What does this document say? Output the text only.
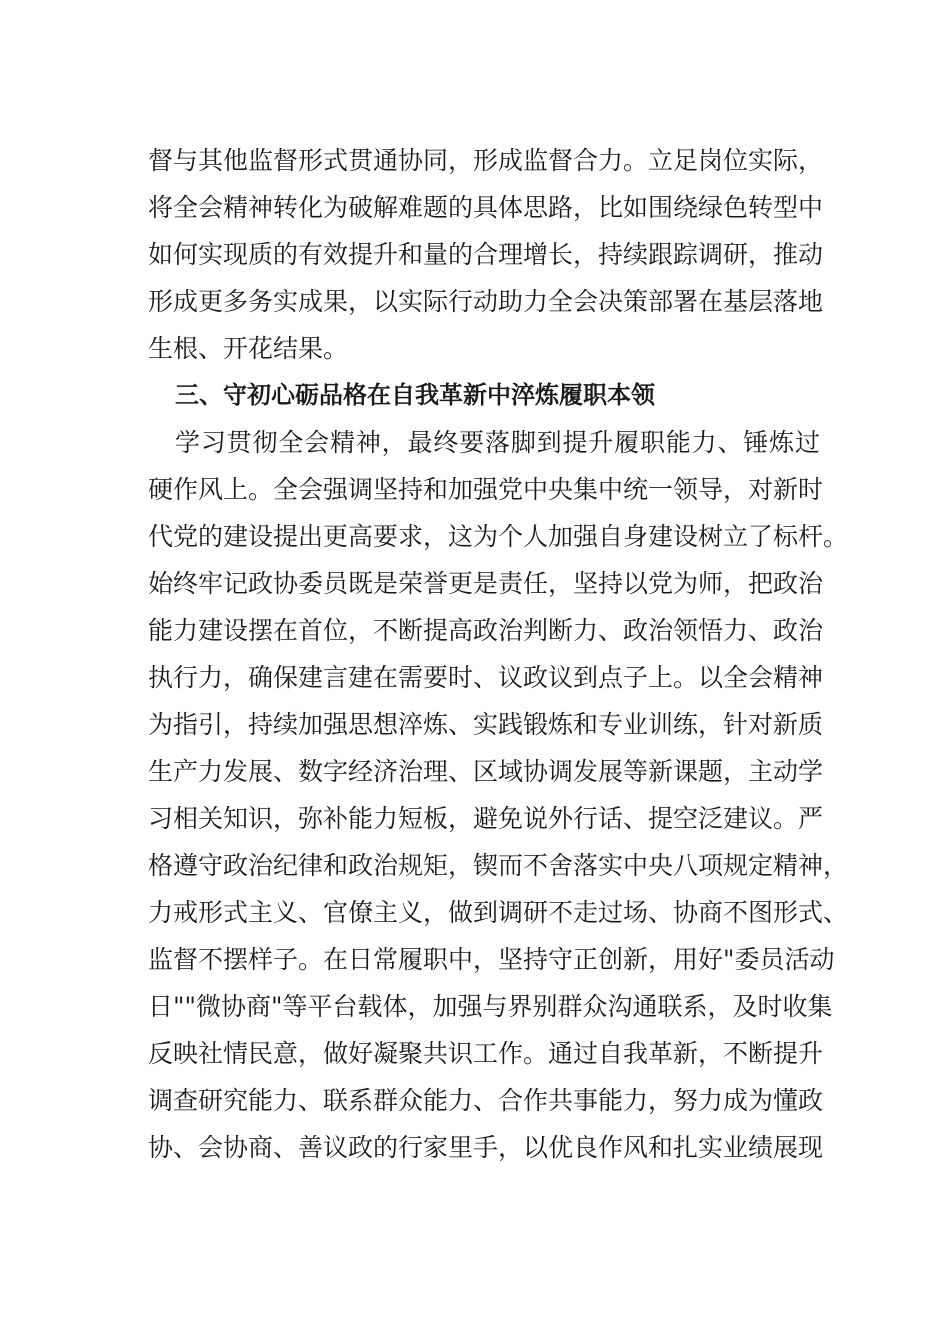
督与其他监督形式贯通协同，形成监督合力。立足岗位实际，
将全会精神转化为破解难题的具体思路，比如围绕绿色转型中
如何实现质的有效提升和量的合理增长，持续跟踪调研，推动
形成更多务实成果，以实际行动助力全会决策部署在基层落地
生根、开花结果。
三、守初心砺品格在自我革新中淬炼履职本领
学习贯彻全会精神，最终要落脚到提升履职能力、锤炼过
硬作风上。全会强调坚持和加强党中央集中统一领导，对新时
代党的建设提出更高要求，这为个人加强自身建设树立了标杆。
始终牢记政协委员既是荣誉更是责任，坚持以党为师，把政治
能力建设摆在首位，不断提高政治判断力、政治领悟力、政治
执行力，确保建言建在需要时、议政议到点子上。以全会精神
为指引，持续加强思想淬炼、实践锻炼和专业训练，针对新质
生产力发展、数字经济治理、区域协调发展等新课题，主动学
习相关知识，弥补能力短板，避免说外行话、提空泛建议。严
格遵守政治纪律和政治规矩，锲而不舍落实中央八项规定精神，
力戒形式主义、官僚主义，做到调研不走过场、协商不图形式、
监督不摆样子。在日常履职中，坚持守正创新，用好"委员活动
日""微协商"等平台载体，加强与界别群众沟通联系，及时收集
反映社情民意，做好凝聚共识工作。通过自我革新，不断提升
调查研究能力、联系群众能力、合作共事能力，努力成为懂政
协、会协商、善议政的行家里手，以优良作风和扎实业绩展现
